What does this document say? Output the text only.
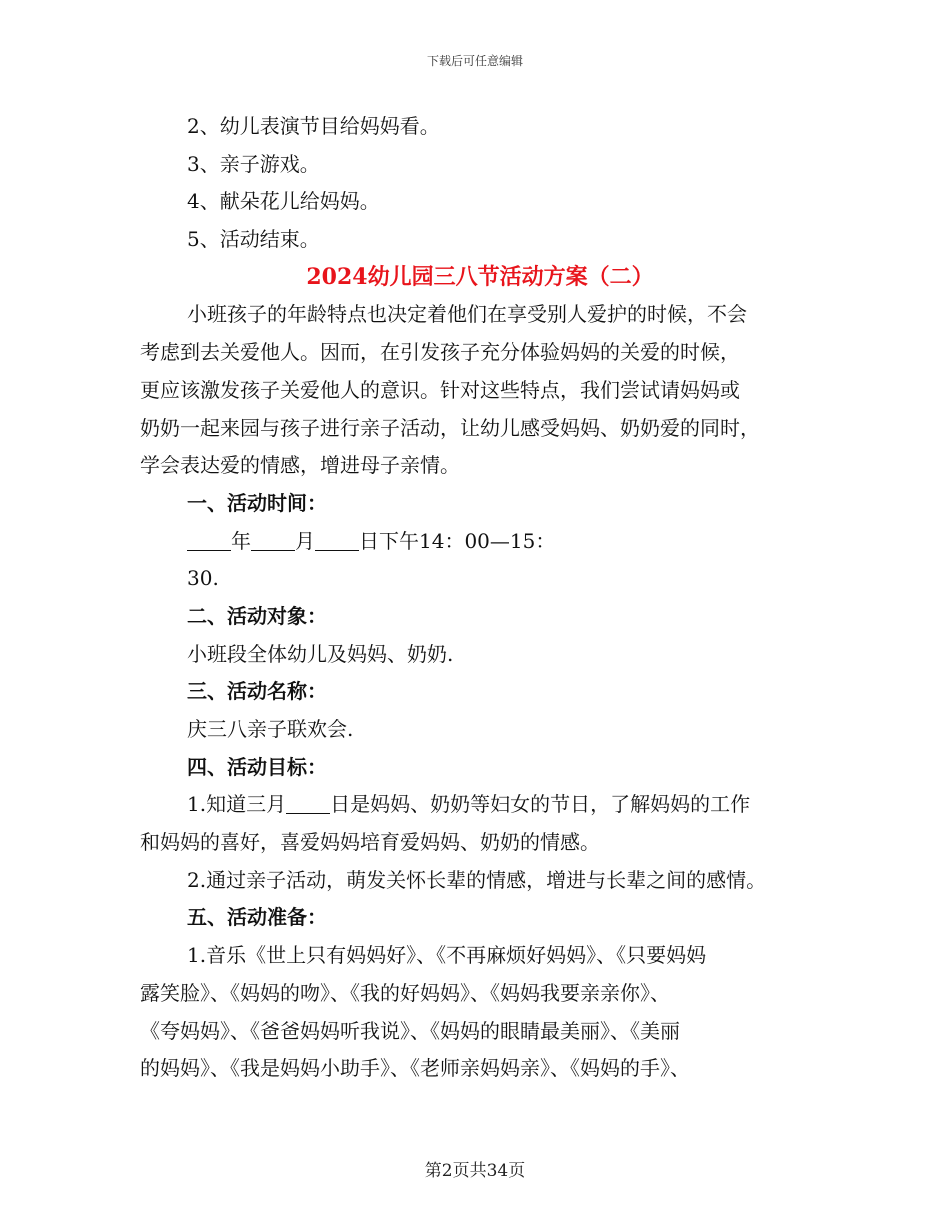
下载后可任意编辑
2、幼儿表演节目给妈妈看。
3、亲子游戏。
4、献朵花儿给妈妈。
5、活动结束。
2024幼儿园三八节活动方案（二）
小班孩子的年龄特点也决定着他们在享受别人爱护的时候，不会
考虑到去关爱他人。因而，在引发孩子充分体验妈妈的关爱的时候，
更应该激发孩子关爱他人的意识。针对这些特点，我们尝试请妈妈或
奶奶一起来园与孩子进行亲子活动，让幼儿感受妈妈、奶奶爱的同时，
学会表达爱的情感，增进母子亲情。
一、活动时间：
年 月 日下午14：00—15：
30.
二、活动对象：
小班段全体幼儿及妈妈、奶奶.
三、活动名称：
庆三八亲子联欢会.
四、活动目标：
1.知道三月 日是妈妈、奶奶等妇女的节日，了解妈妈的工作
和妈妈的喜好，喜爱妈妈培育爱妈妈、奶奶的情感。
2.通过亲子活动，萌发关怀长辈的情感，增进与长辈之间的感情。
五、活动准备：
1.音乐《世上只有妈妈好》、《不再麻烦好妈妈》、《只要妈妈
露笑脸》、《妈妈的吻》、《我的好妈妈》、《妈妈我要亲亲你》、
《夸妈妈》、《爸爸妈妈听我说》、《妈妈的眼睛最美丽》、《美丽
的妈妈》、《我是妈妈小助手》、《老师亲妈妈亲》、《妈妈的手》、
第2页共34页
